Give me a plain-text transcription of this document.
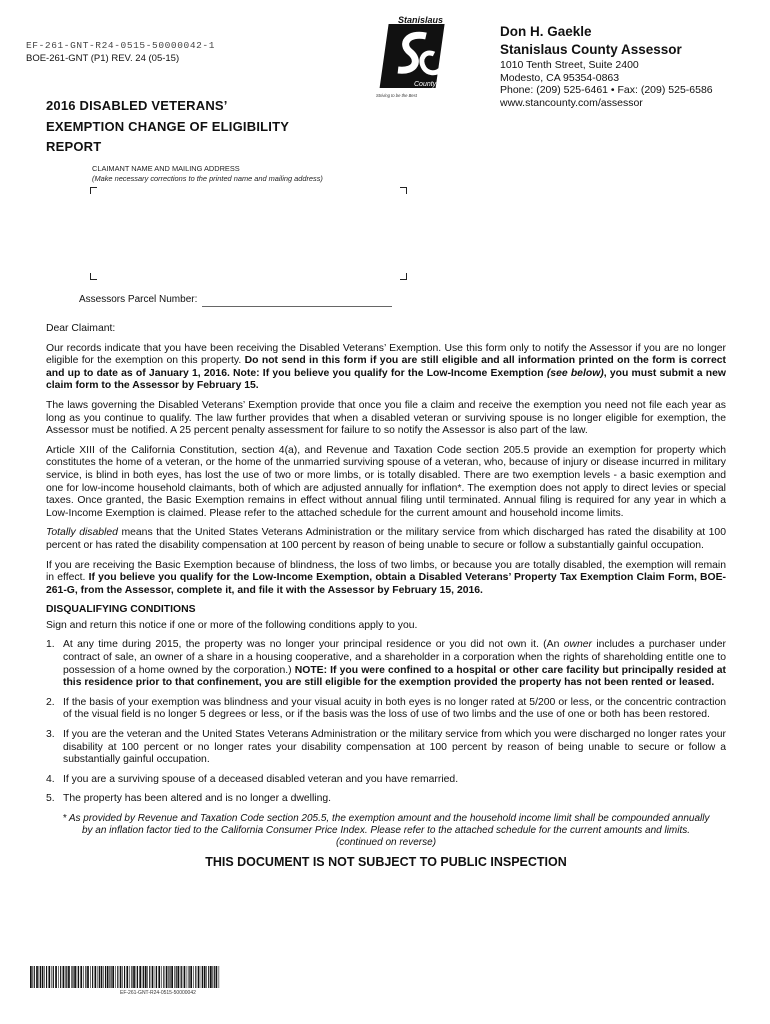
EF-261-GNT-R24-0515-50000042-1
BOE-261-GNT (P1) REV. 24 (05-15)
Stanislaus
County
Striving to be the Best
Don H. Gaekle
Stanislaus County Assessor
1010 Tenth Street, Suite 2400
Modesto, CA 95354-0863
Phone: (209) 525-6461 • Fax: (209) 525-6586
www.stancounty.com/assessor
2016 DISABLED VETERANS’
EXEMPTION CHANGE OF ELIGIBILITY
REPORT
CLAIMANT NAME AND MAILING ADDRESS
(Make necessary corrections to the printed name and mailing address)
Assessors Parcel Number:

Dear Claimant:

Our records indicate that you have been receiving the Disabled Veterans’ Exemption. Use this form only to notify the Assessor if you are no longer eligible for the exemption on this property. Do not send in this form if you are still eligible and all information printed on the form is correct and up to date as of January 1, 2016. Note: If you believe you qualify for the Low-Income Exemption (see below), you must submit a new claim form to the Assessor by February 15.

The laws governing the Disabled Veterans’ Exemption provide that once you file a claim and receive the exemption you need not file each year as long as you continue to qualify. The law further provides that when a disabled veteran or surviving spouse is no longer eligible for exemption, the Assessor must be notified. A 25 percent penalty assessment for failure to so notify the Assessor is also part of the law.

Article XIII of the California Constitution, section 4(a), and Revenue and Taxation Code section 205.5 provide an exemption for property which constitutes the home of a veteran, or the home of the unmarried surviving spouse of a veteran, who, because of injury or disease incurred in military service, is blind in both eyes, has lost the use of two or more limbs, or is totally disabled. There are two exemption levels - a basic exemption and one for low-income household claimants, both of which are adjusted annually for inflation*. The exemption does not apply to direct levies or special taxes. Once granted, the Basic Exemption remains in effect without annual filing until terminated. Annual filing is required for any year in which a Low-Income Exemption is claimed. Please refer to the attached schedule for the current amount and household income limits.

Totally disabled means that the United States Veterans Administration or the military service from which discharged has rated the disability at 100 percent or has rated the disability compensation at 100 percent by reason of being unable to secure or follow a substantially gainful occupation.

If you are receiving the Basic Exemption because of blindness, the loss of two limbs, or because you are totally disabled, the exemption will remain in effect. If you believe you qualify for the Low-Income Exemption, obtain a Disabled Veterans’ Property Tax Exemption Claim Form, BOE-261-G, from the Assessor, complete it, and file it with the Assessor by February 15, 2016.

DISQUALIFYING CONDITIONS

Sign and return this notice if one or more of the following conditions apply to you.

1. At any time during 2015, the property was no longer your principal residence or you did not own it. (An owner includes a purchaser under contract of sale, an owner of a share in a housing cooperative, and a shareholder in a corporation when the rights of shareholding entitle one to possession of a home owned by the corporation.) NOTE: If you were confined to a hospital or other care facility but principally resided at this residence prior to that confinement, you are still eligible for the exemption provided the property has not been rented or leased.
2. If the basis of your exemption was blindness and your visual acuity in both eyes is no longer rated at 5/200 or less, or the concentric contraction of the visual field is no longer 5 degrees or less, or if the basis was the loss of use of two limbs and the use of one or both has been restored.
3. If you are the veteran and the United States Veterans Administration or the military service from which you were discharged no longer rates your disability at 100 percent or no longer rates your disability compensation at 100 percent by reason of being unable to secure or follow a substantially gainful occupation.
4. If you are a surviving spouse of a deceased disabled veteran and you have remarried.
5. The property has been altered and is no longer a dwelling.
* As provided by Revenue and Taxation Code section 205.5, the exemption amount and the household income limit shall be compounded annually
by an inflation factor tied to the California Consumer Price Index. Please refer to the attached schedule for the current amounts and limits.
(continued on reverse)
THIS DOCUMENT IS NOT SUBJECT TO PUBLIC INSPECTION
EF-261-GNT-R24-0515-50000042
